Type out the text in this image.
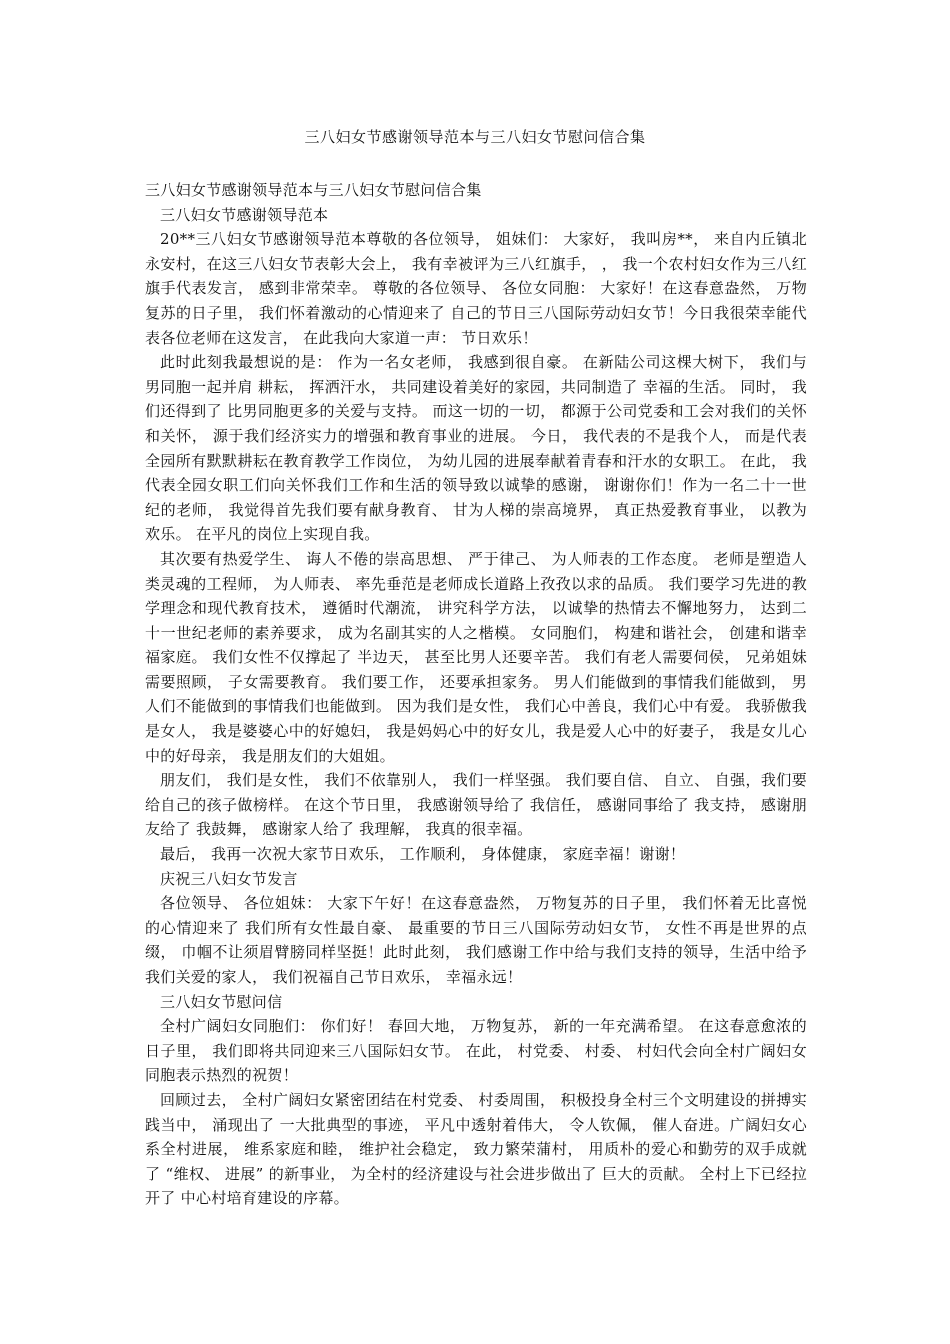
三八妇女节感谢领导范本与三八妇女节慰问信合集

三八妇女节感谢领导范本与三八妇女节慰问信合集

三八妇女节感谢领导范本

20**三八妇女节感谢领导范本尊敬的各位领导， 姐妹们： 大家好， 我叫房**， 来自内丘镇北永安村，在这三八妇女节表彰大会上， 我有幸被评为三八红旗手， ， 我一个农村妇女作为三八红旗手代表发言， 感到非常荣幸。 尊敬的各位领导、 各位女同胞： 大家好！在这春意盎然， 万物复苏的日子里， 我们怀着激动的心情迎来了 自己的节日三八国际劳动妇女节！今日我很荣幸能代表各位老师在这发言， 在此我向大家道一声： 节日欢乐！

此时此刻我最想说的是： 作为一名女老师， 我感到很自豪。 在新陆公司这棵大树下， 我们与男同胞一起并肩 耕耘， 挥洒汗水， 共同建设着美好的家园，共同制造了 幸福的生活。 同时， 我们还得到了 比男同胞更多的关爱与支持。 而这一切的一切， 都源于公司党委和工会对我们的关怀和关怀， 源于我们经济实力的增强和教育事业的进展。 今日， 我代表的不是我个人， 而是代表全园所有默默耕耘在教育教学工作岗位， 为幼儿园的进展奉献着青春和汗水的女职工。 在此， 我代表全园女职工们向关怀我们工作和生活的领导致以诚挚的感谢， 谢谢你们！作为一名二十一世纪的老师， 我觉得首先我们要有献身教育、 甘为人梯的崇高境界， 真正热爱教育事业， 以教为欢乐。 在平凡的岗位上实现自我。

其次要有热爱学生、 诲人不倦的崇高思想、 严于律己、 为人师表的工作态度。 老师是塑造人类灵魂的工程师， 为人师表、 率先垂范是老师成长道路上孜孜以求的品质。 我们要学习先进的教学理念和现代教育技术， 遵循时代潮流， 讲究科学方法， 以诚挚的热情去不懈地努力， 达到二十一世纪老师的素养要求， 成为名副其实的人之楷模。 女同胞们， 构建和谐社会， 创建和谐幸福家庭。 我们女性不仅撑起了 半边天， 甚至比男人还要辛苦。 我们有老人需要伺侯， 兄弟姐妹需要照顾， 子女需要教育。 我们要工作， 还要承担家务。 男人们能做到的事情我们能做到， 男人们不能做到的事情我们也能做到。 因为我们是女性， 我们心中善良，我们心中有爱。 我骄傲我是女人， 我是婆婆心中的好媳妇， 我是妈妈心中的好女儿，我是爱人心中的好妻子， 我是女儿心中的好母亲， 我是朋友们的大姐姐。

朋友们， 我们是女性， 我们不依靠别人， 我们一样坚强。 我们要自信、 自立、 自强，我们要给自己的孩子做榜样。 在这个节日里， 我感谢领导给了 我信任， 感谢同事给了 我支持， 感谢朋友给了 我鼓舞， 感谢家人给了 我理解， 我真的很幸福。

最后， 我再一次祝大家节日欢乐， 工作顺利， 身体健康， 家庭幸福！谢谢！

庆祝三八妇女节发言

各位领导、 各位姐妹： 大家下午好！在这春意盎然， 万物复苏的日子里， 我们怀着无比喜悦的心情迎来了 我们所有女性最自豪、 最重要的节日三八国际劳动妇女节， 女性不再是世界的点缀， 巾帼不让须眉臂膀同样坚挺！此时此刻， 我们感谢工作中给与我们支持的领导，生活中给予我们关爱的家人， 我们祝福自己节日欢乐， 幸福永远！

三八妇女节慰问信

全村广阔妇女同胞们： 你们好！ 春回大地， 万物复苏， 新的一年充满希望。 在这春意愈浓的日子里， 我们即将共同迎来三八国际妇女节。 在此， 村党委、 村委、 村妇代会向全村广阔妇女同胞表示热烈的祝贺！

回顾过去， 全村广阔妇女紧密团结在村党委、 村委周围， 积极投身全村三个文明建设的拼搏实践当中， 涌现出了 一大批典型的事迹， 平凡中透射着伟大， 令人钦佩， 催人奋进。广阔妇女心系全村进展， 维系家庭和睦， 维护社会稳定， 致力繁荣蒲村， 用质朴的爱心和勤劳的双手成就了 “维权、 进展” 的新事业， 为全村的经济建设与社会进步做出了 巨大的贡献。 全村上下已经拉开了 中心村培育建设的序幕。
